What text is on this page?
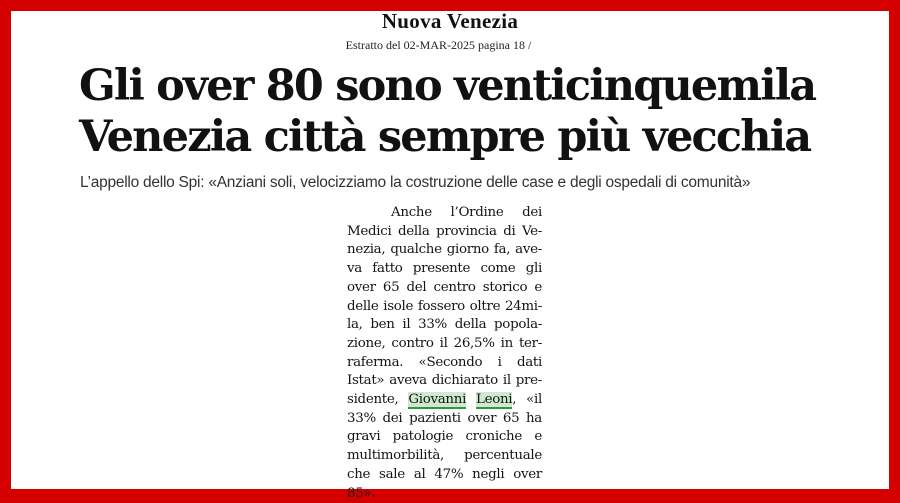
Nuova Venezia
Estratto del 02-MAR-2025 pagina 18 /
Gli over 80 sono venticinquemila
Venezia città sempre più vecchia
L’appello dello Spi: «Anziani soli, velocizziamo la costruzione delle case e degli ospedali di comunità»
Anche l’Ordine dei
Medici della provincia di Ve-
nezia, qualche giorno fa, ave-
va fatto presente come gli
over 65 del centro storico e
delle isole fossero oltre 24mi-
la, ben il 33% della popola-
zione, contro il 26,5% in ter-
raferma. «Secondo i dati
Istat» aveva dichiarato il pre-
sidente, Giovanni Leoni, «il
33% dei pazienti over 65 ha
gravi patologie croniche e
multimorbilità, percentuale
che sale al 47% negli over
85».
